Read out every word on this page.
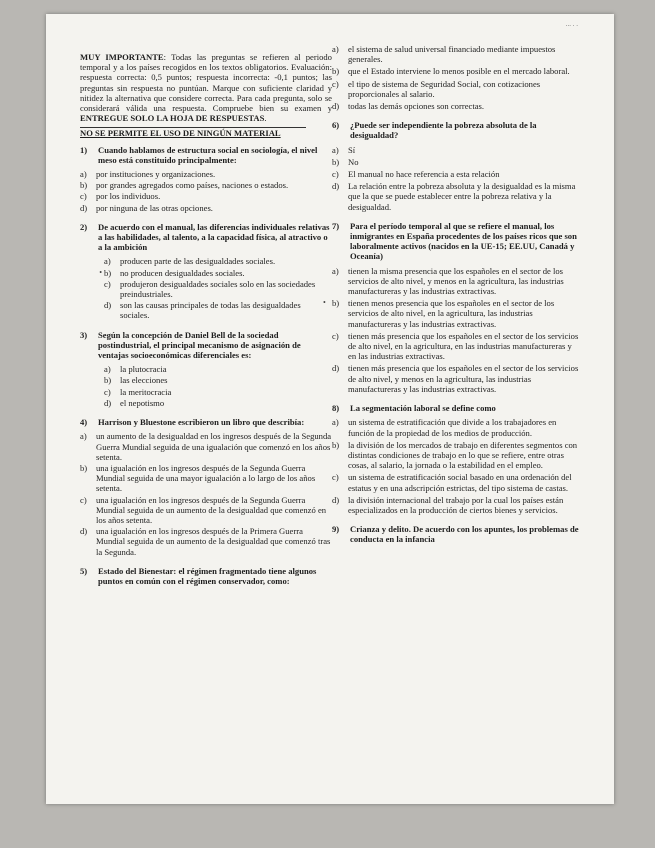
... . .

MUY IMPORTANTE: Todas las preguntas se refieren al periodo temporal y a los países recogidos en los textos obligatorios. Evaluación: respuesta correcta: 0,5 puntos; respuesta incorrecta: -0,1 puntos; las preguntas sin respuesta no puntúan. Marque con suficiente claridad y nitidez la alternativa que considere correcta. Para cada pregunta, solo se considerará válida una respuesta. Compruebe bien su examen y ENTREGUE SOLO LA HOJA DE RESPUESTAS.

NO SE PERMITE EL USO DE NINGÚN MATERIAL

1)	Cuando hablamos de estructura social en sociología, el nivel meso está constituido principalmente:
a)	por instituciones y organizaciones.
b)	por grandes agregados como países, naciones o estados.
c)	por los individuos.
d)	por ninguna de las otras opciones.
2)	De acuerdo con el manual, las diferencias individuales relativas a las habilidades, al talento, a la capacidad física, al atractivo o a la ambición
a)	producen parte de las desigualdades sociales.
• b)	no producen desigualdades sociales.
c)	produjeron desigualdades sociales solo en las sociedades preindustriales.
d)	son las causas principales de todas las desigualdades sociales.
3)	Según la concepción de Daniel Bell de la sociedad postindustrial, el principal mecanismo de asignación de ventajas socioeconómicas diferenciales es:
a)	la plutocracia
b)	las elecciones
c)	la meritocracia
d)	el nepotismo
4)	Harrison y Bluestone escribieron un libro que describía:
a)	un aumento de la desigualdad en los ingresos después de la Segunda Guerra Mundial seguida de una igualación que comenzó en los años setenta.
b)	una igualación en los ingresos después de la Segunda Guerra Mundial seguida de una mayor igualación a lo largo de los años setenta.
c)	una igualación en los ingresos después de la Segunda Guerra Mundial seguida de un aumento de la desigualdad que comenzó en los años setenta.
d)	una igualación en los ingresos después de la Primera Guerra Mundial seguida de un aumento de la desigualdad que comenzó tras la Segunda.
5)	Estado del Bienestar: el régimen fragmentado tiene algunos puntos en común con el régimen conservador, como:
a)	el sistema de salud universal financiado mediante impuestos generales.
b)	que el Estado interviene lo menos posible en el mercado laboral.
c)	el tipo de sistema de Seguridad Social, con cotizaciones proporcionales al salario.
d)	todas las demás opciones son correctas.
6)	¿Puede ser independiente la pobreza absoluta de la desigualdad?
a)	Sí
b)	No
c)	El manual no hace referencia a esta relación
d)	La relación entre la pobreza absoluta y la desigualdad es la misma que la que se puede establecer entre la pobreza relativa y la desigualdad.
7)	Para el período temporal al que se refiere el manual, los inmigrantes en España procedentes de los países ricos que son laboralmente activos (nacidos en la UE-15; EE.UU, Canadá y Oceanía)
a)	tienen la misma presencia que los españoles en el sector de los servicios de alto nivel, y menos en la agricultura, las industrias manufactureras y las industrias extractivas.
• b)	tienen menos presencia que los españoles en el sector de los servicios de alto nivel, en la agricultura, las industrias manufactureras y las industrias extractivas.
c)	tienen más presencia que los españoles en el sector de los servicios de alto nivel, en la agricultura, en las industrias manufactureras y en las industrias extractivas.
d)	tienen más presencia que los españoles en el sector de los servicios de alto nivel, y menos en la agricultura, las industrias manufactureras y las industrias extractivas.
8)	La segmentación laboral se define como
a)	un sistema de estratificación que divide a los trabajadores en función de la propiedad de los medios de producción.
b)	la división de los mercados de trabajo en diferentes segmentos con distintas condiciones de trabajo en lo que se refiere, entre otras cosas, al salario, la jornada o la estabilidad en el empleo.
c)	un sistema de estratificación social basado en una ordenación del estatus y en una adscripción estrictas, del tipo sistema de castas.
d)	la división internacional del trabajo por la cual los países están especializados en la producción de ciertos bienes y servicios.
9)	Crianza y delito. De acuerdo con los apuntes, los problemas de conducta en la infancia
